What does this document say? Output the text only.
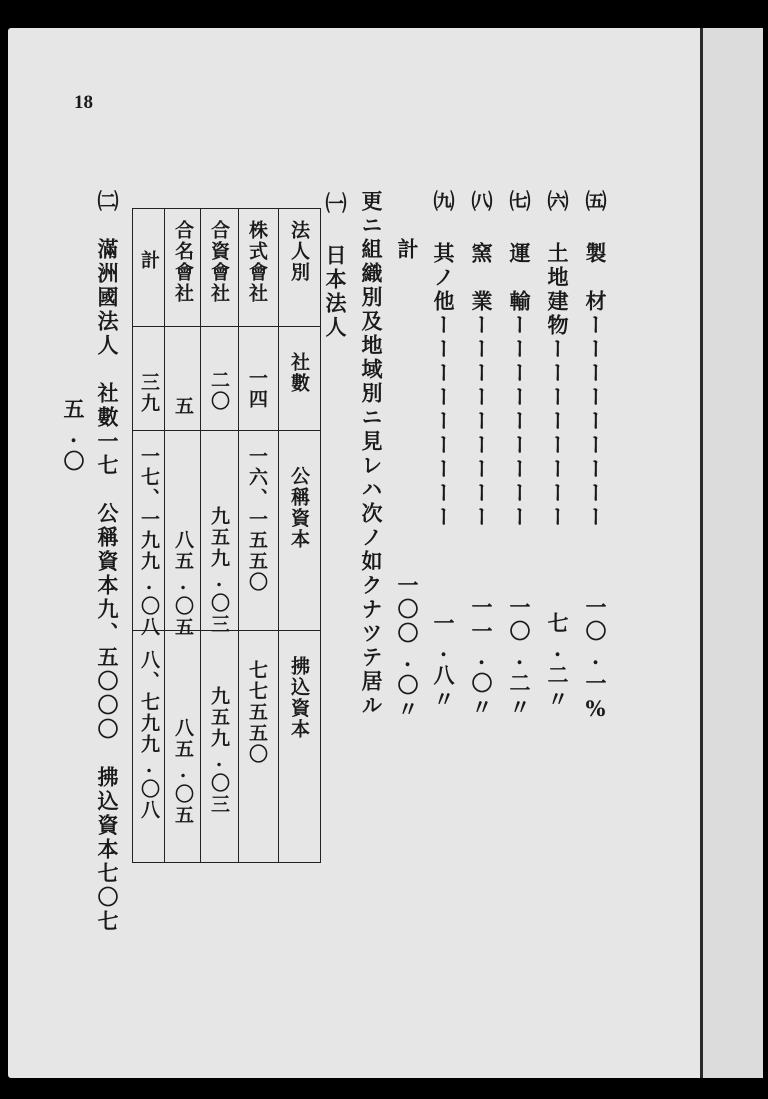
18
㈤ 製　材ーーーーーーーーー
一〇.一%
㈥ 土地建物ーーーーーーーー
七.二〃
㈦ 運　輸ーーーーーーーーー
一〇.二〃
㈧ 窯　業ーーーーーーーーー
一一.〇〃
㈨ 其ノ他ーーーーーーーーー
一.八〃
計
一〇〇.〇〃
更ニ組織別及地域別ニ見レハ次ノ如クナツテ居ル
㈠ 日本法人
法人別
社數
公稱資本
拂込資本
株式會社
一四
一六、一五五〇
七七五五〇
合資會社
二〇
九五九.〇三
九五九.〇三
合名會社
五
八五.〇五
八五.〇五
計
三九
一七、一九九.〇八
八、七九九.〇八
㈡
滿洲國法人　社數一七　公稱資本九、五〇〇〇　拂込資本七〇七
五.〇
